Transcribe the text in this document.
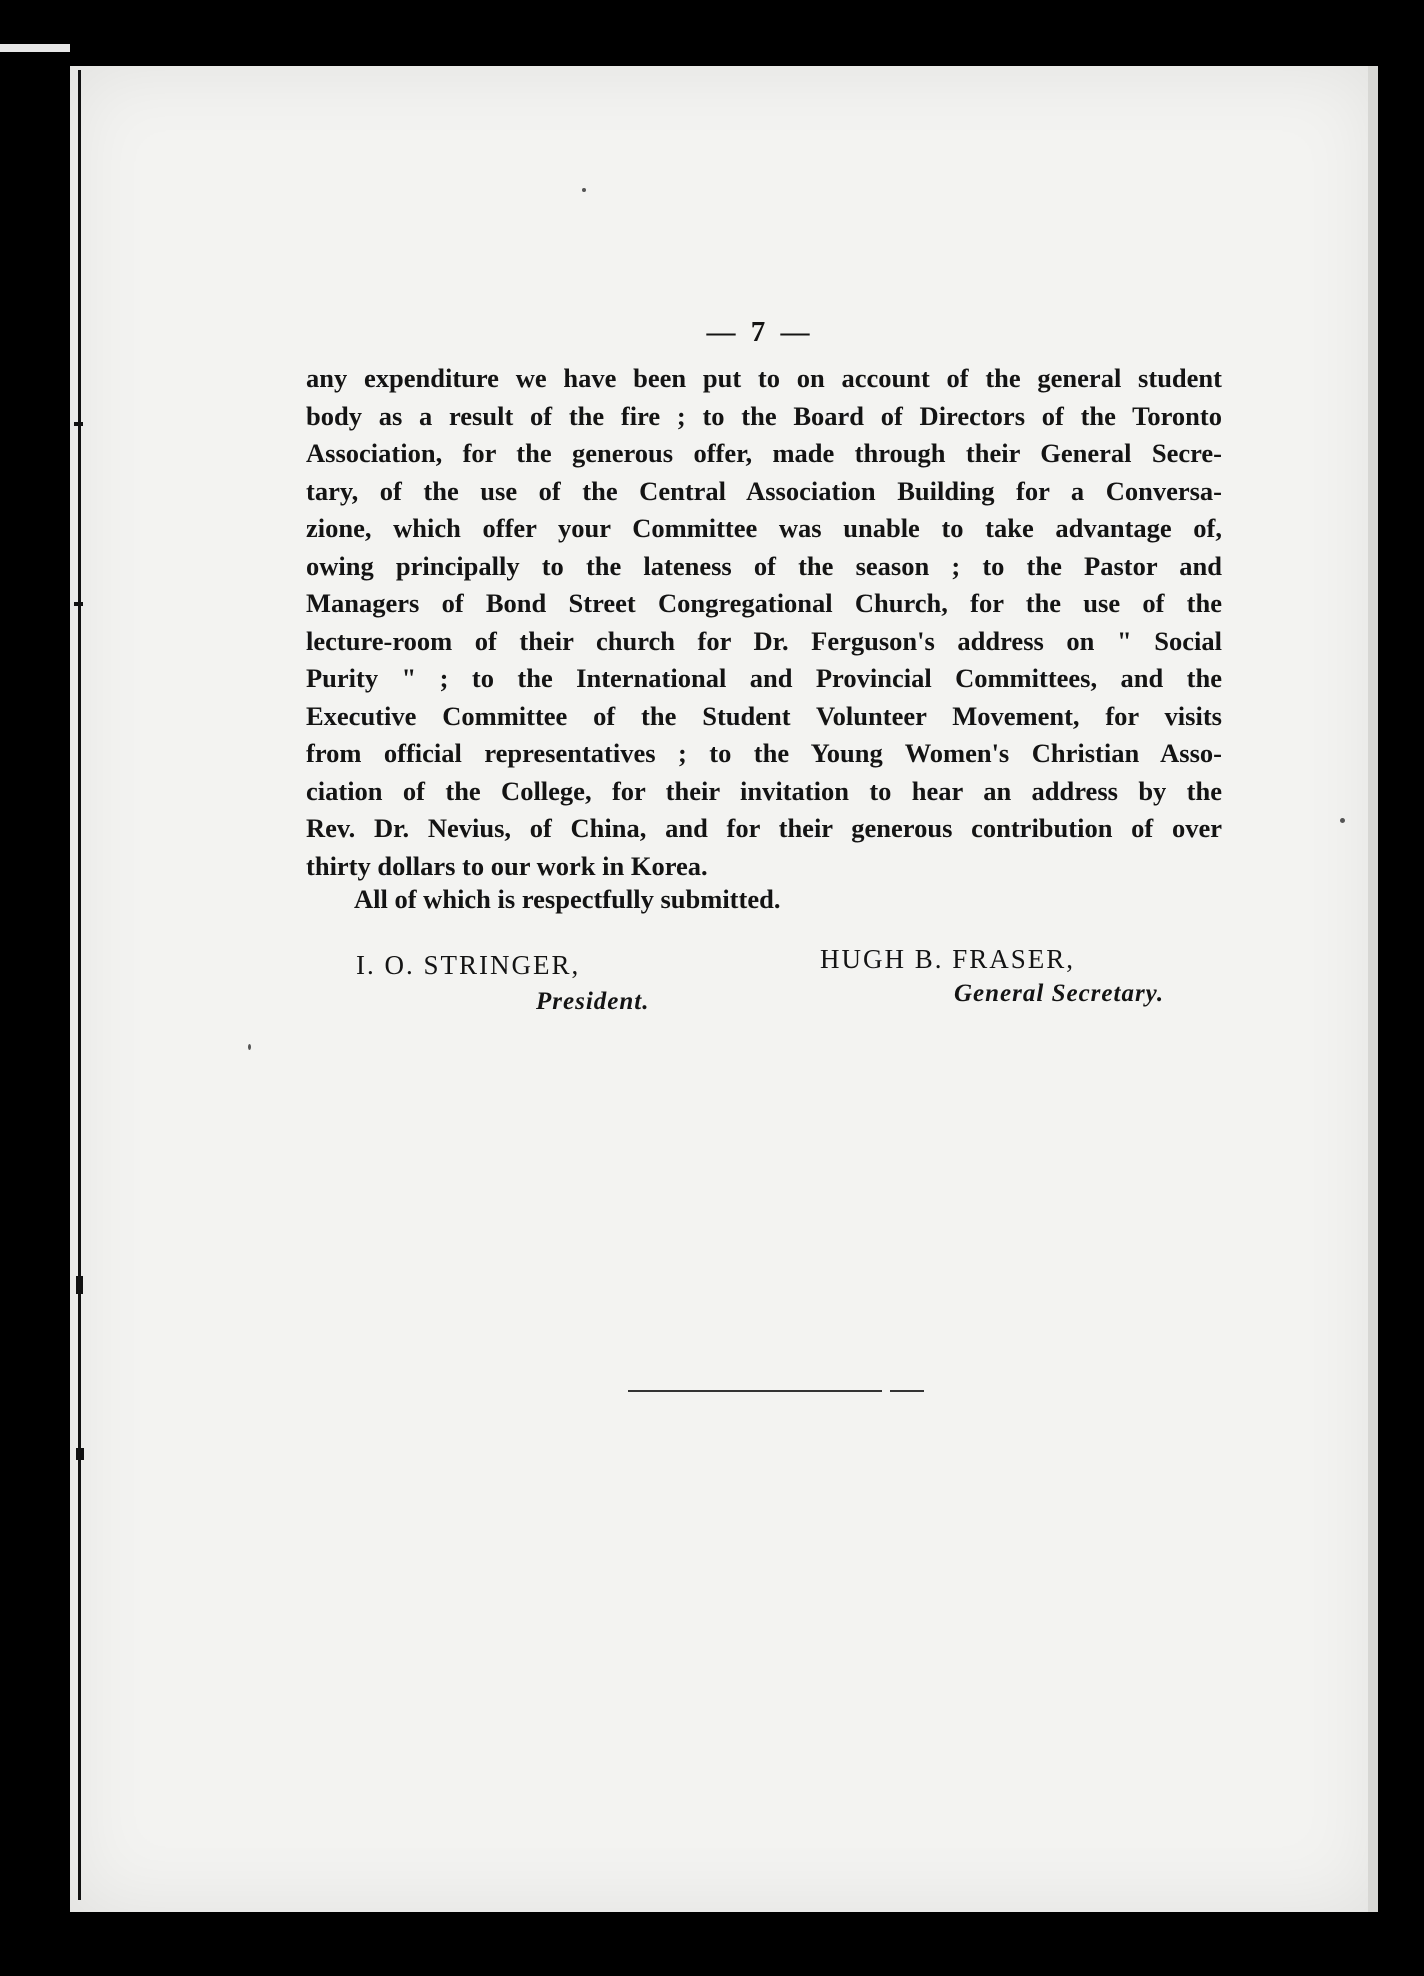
— 7 —
any expenditure we have been put to on account of the general student
body as a result of the fire ; to the Board of Directors of the Toronto
Association, for the generous offer, made through their General Secre-
tary, of the use of the Central Association Building for a Conversa-
zione, which offer your Committee was unable to take advantage of,
owing principally to the lateness of the season ; to the Pastor and
Managers of Bond Street Congregational Church, for the use of the
lecture-room of their church for Dr. Ferguson's address on " Social
Purity " ; to the International and Provincial Committees, and the
Executive Committee of the Student Volunteer Movement, for visits
from official representatives ; to the Young Women's Christian Asso-
ciation of the College, for their invitation to hear an address by the
Rev. Dr. Nevius, of China, and for their generous contribution of over
thirty dollars to our work in Korea.
All of which is respectfully submitted.
I. O. STRINGER,
President.
HUGH B. FRASER,
General Secretary.
